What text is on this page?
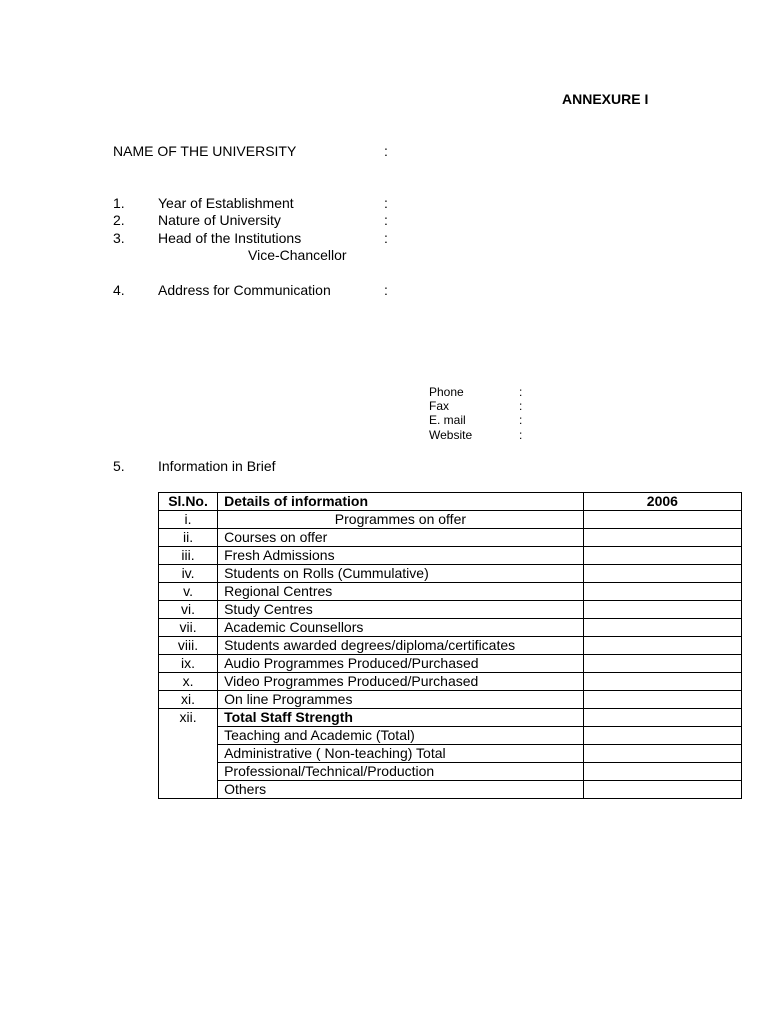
ANNEXURE I
NAME OF THE UNIVERSITY	:
1. Year of Establishment	:
2. Nature of University	:
3. Head of the Institutions	:
Vice-Chancellor
4. Address for Communication	:
Phone	:
Fax	:
E. mail	:
Website	:
5. Information in Brief
Sl.No.	Details of information	2006
i.	Programmes on offer	
ii.	Courses on offer	
iii.	Fresh Admissions	
iv.	Students on Rolls (Cummulative)	
v.	Regional Centres	
vi.	Study Centres	
vii.	Academic Counsellors	
viii.	Students awarded degrees/diploma/certificates	
ix.	Audio Programmes Produced/Purchased	
x.	Video Programmes Produced/Purchased	
xi.	On line Programmes	
xii.	Total Staff Strength	
	Teaching and Academic (Total)	
	Administrative ( Non-teaching) Total	
	Professional/Technical/Production	
	Others	
